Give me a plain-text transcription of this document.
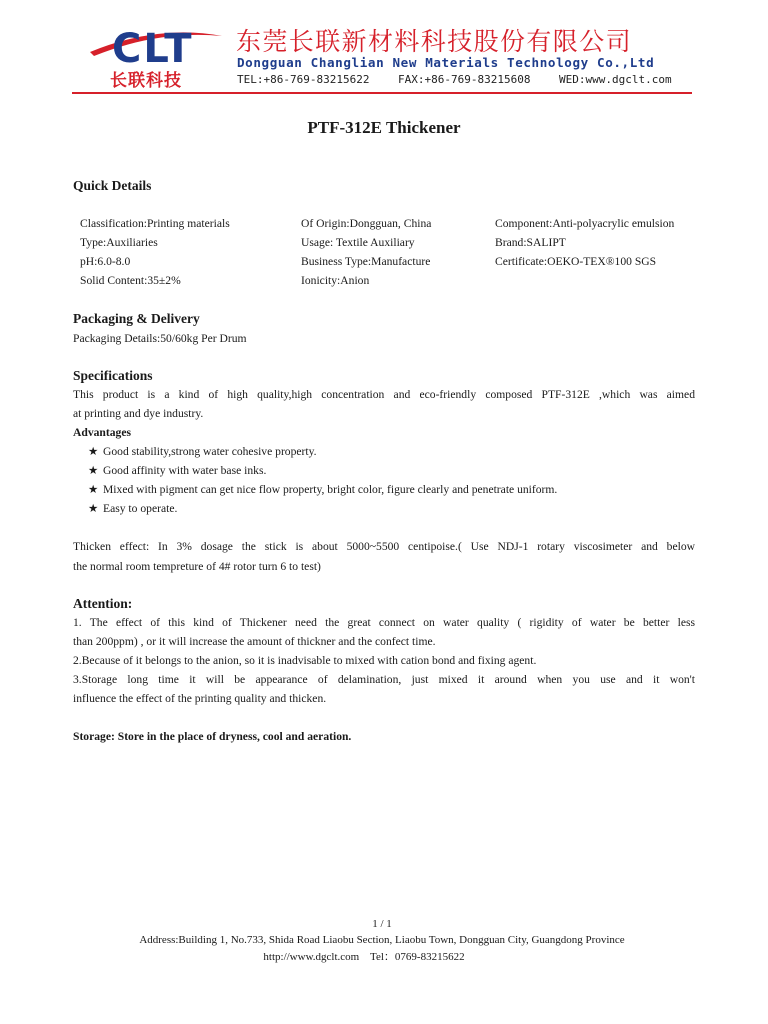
CLT
长联科技
东莞长联新材料科技股份有限公司
Dongguan Changlian New Materials Technology Co.,Ltd
TEL:+86-769-83215622	FAX:+86-769-83215608	WED:www.dgclt.com
PTF-312E Thickener
Quick Details
Classification:Printing materials
Type:Auxiliaries
pH:6.0-8.0
Solid Content:35±2%
Of Origin:Dongguan, China
Usage: Textile Auxiliary
Business Type:Manufacture
Ionicity:Anion
Component:Anti-polyacrylic emulsion
Brand:SALIPT
Certificate:OEKO-TEX®100 SGS
Packaging & Delivery
Packaging Details:50/60kg Per Drum
Specifications
This product is a kind of high quality,high concentration and eco-friendly composed PTF-312E ,which was aimed
at printing and dye industry.
Advantages
★ Good stability,strong water cohesive property.
★ Good affinity with water base inks.
★ Mixed with pigment can get nice flow property, bright color, figure clearly and penetrate uniform.
★ Easy to operate.
Thicken effect: In 3% dosage the stick is about 5000~5500 centipoise.( Use NDJ-1 rotary viscosimeter and below
the normal room tempreture of 4# rotor turn 6 to test)
Attention:
1. The effect of this kind of Thickener need the great connect on water quality ( rigidity of water be better less
than 200ppm) , or it will increase the amount of thickner and the confect time.
2.Because of it belongs to the anion, so it is inadvisable to mixed with cation bond and fixing agent.
3.Storage long time it will be appearance of delamination, just mixed it around when you use and it won't
influence the effect of the printing quality and thicken.
Storage: Store in the place of dryness, cool and aeration.
1 / 1
Address:Building 1, No.733, Shida Road Liaobu Section, Liaobu Town, Dongguan City, Guangdong Province
http://www.dgclt.com    Tel：0769-83215622
